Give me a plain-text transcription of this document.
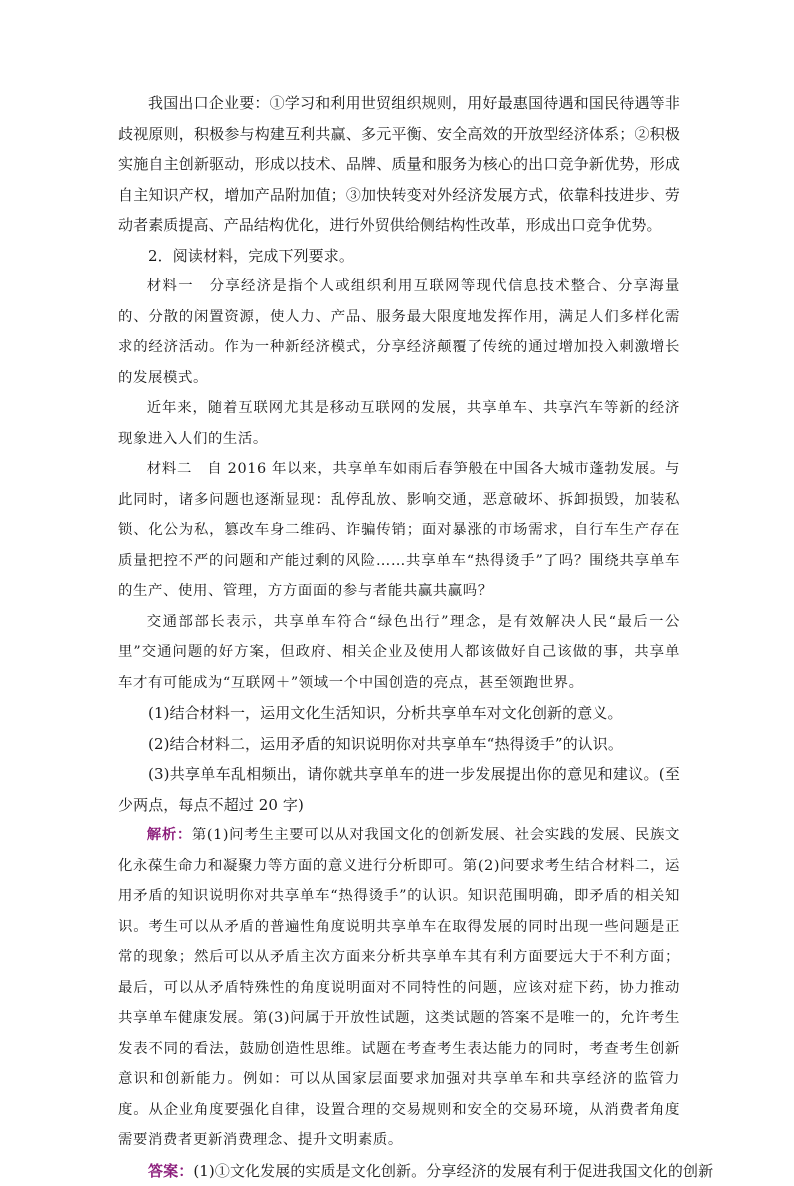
我国出口企业要：①学习和利用世贸组织规则，用好最惠国待遇和国民待遇等非歧视原则，积极参与构建互利共赢、多元平衡、安全高效的开放型经济体系；②积极实施自主创新驱动，形成以技术、品牌、质量和服务为核心的出口竞争新优势，形成自主知识产权，增加产品附加值；③加快转变对外经济发展方式，依靠科技进步、劳动者素质提高、产品结构优化，进行外贸供给侧结构性改革，形成出口竞争优势。

2．阅读材料，完成下列要求。

材料一　分享经济是指个人或组织利用互联网等现代信息技术整合、分享海量的、分散的闲置资源，使人力、产品、服务最大限度地发挥作用，满足人们多样化需求的经济活动。作为一种新经济模式，分享经济颠覆了传统的通过增加投入刺激增长的发展模式。

近年来，随着互联网尤其是移动互联网的发展，共享单车、共享汽车等新的经济现象进入人们的生活。

材料二　自 2016 年以来，共享单车如雨后春笋般在中国各大城市蓬勃发展。与此同时，诸多问题也逐渐显现：乱停乱放、影响交通，恶意破坏、拆卸损毁，加装私锁、化公为私，篡改车身二维码、诈骗传销；面对暴涨的市场需求，自行车生产存在质量把控不严的问题和产能过剩的风险……共享单车“热得烫手”了吗？围绕共享单车的生产、使用、管理，方方面面的参与者能共赢共赢吗？

交通部部长表示，共享单车符合“绿色出行”理念，是有效解决人民“最后一公里”交通问题的好方案，但政府、相关企业及使用人都该做好自己该做的事，共享单车才有可能成为“互联网＋”领域一个中国创造的亮点，甚至领跑世界。

(1)结合材料一，运用文化生活知识，分析共享单车对文化创新的意义。

(2)结合材料二，运用矛盾的知识说明你对共享单车“热得烫手”的认识。

(3)共享单车乱相频出，请你就共享单车的进一步发展提出你的意见和建议。(至少两点，每点不超过 20 字)

解析：第(1)问考生主要可以从对我国文化的创新发展、社会实践的发展、民族文化永葆生命力和凝聚力等方面的意义进行分析即可。第(2)问要求考生结合材料二，运用矛盾的知识说明你对共享单车“热得烫手”的认识。知识范围明确，即矛盾的相关知识。考生可以从矛盾的普遍性角度说明共享单车在取得发展的同时出现一些问题是正常的现象；然后可以从矛盾主次方面来分析共享单车其有利方面要远大于不利方面；最后，可以从矛盾特殊性的角度说明面对不同特性的问题，应该对症下药，协力推动共享单车健康发展。第(3)问属于开放性试题，这类试题的答案不是唯一的，允许考生发表不同的看法，鼓励创造性思维。试题在考查考生表达能力的同时，考查考生创新意识和创新能力。例如：可以从国家层面要求加强对共享单车和共享经济的监管力度。从企业角度要强化自律，设置合理的交易规则和安全的交易环境，从消费者角度需要消费者更新消费理念、提升文明素质。

答案：(1)①文化发展的实质是文化创新。分享经济的发展有利于促进我国文化的创新
